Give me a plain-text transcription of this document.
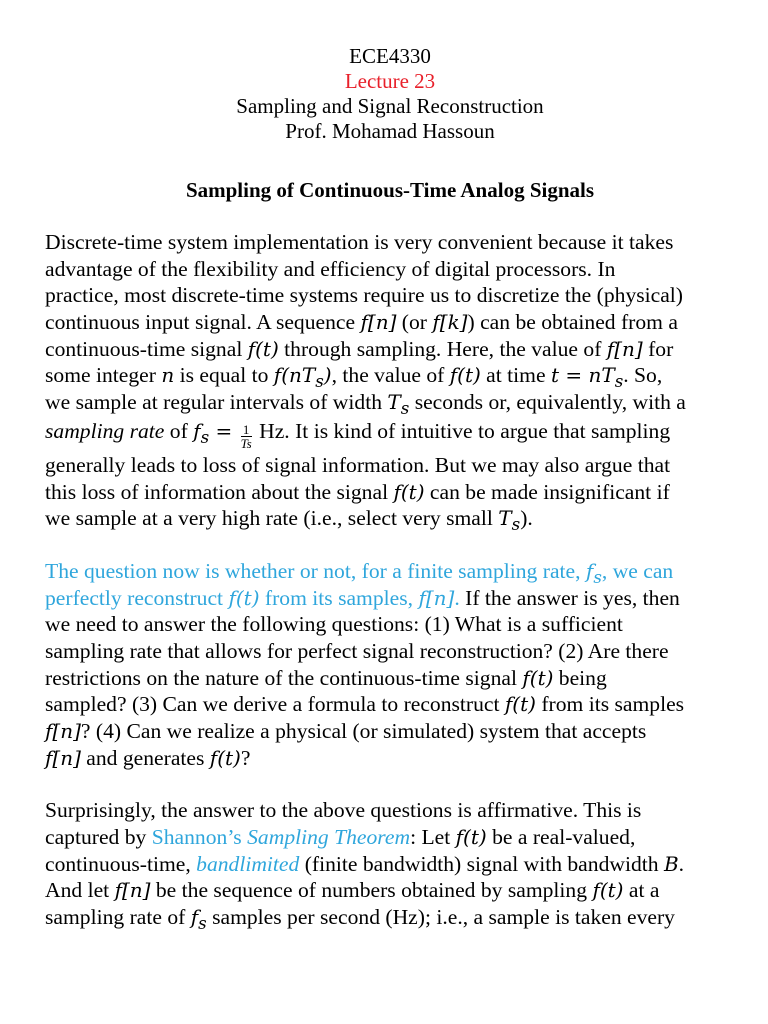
ECE4330
Lecture 23
Sampling and Signal Reconstruction
Prof. Mohamad Hassoun
Sampling of Continuous-Time Analog Signals

Discrete-time system implementation is very convenient because it takes
advantage of the flexibility and efficiency of digital processors. In
practice, most discrete-time systems require us to discretize the (physical)
continuous input signal. A sequence f[n] (or f[k]) can be obtained from a
continuous-time signal f(t) through sampling. Here, the value of f[n] for
some integer n is equal to $f(nT_s)$, the value of f(t) at time $t = nT_s$. So,
we sample at regular intervals of width $T_s$ seconds or, equivalently, with a
sampling rate of $f_s = \frac{1}{Ts} Hz$. It is kind of intuitive to argue that sampling
generally leads to loss of signal information. But we may also argue that
this loss of information about the signal f(t) can be made insignificant if
we sample at a very high rate (i.e., select very small $T_s$).

The question now is whether or not, for a finite sampling rate, $f_s$, we can
perfectly reconstruct f(t) from its samples, f[n]. If the answer is yes, then
we need to answer the following questions: (1) What is a sufficient
sampling rate that allows for perfect signal reconstruction? (2) Are there
restrictions on the nature of the continuous-time signal f(t) being
sampled? (3) Can we derive a formula to reconstruct f(t) from its samples
f[n]? (4) Can we realize a physical (or simulated) system that accepts
f[n] and generates f(t)?

Surprisingly, the answer to the above questions is affirmative. This is
captured by Shannon’s Sampling Theorem: Let f(t) be a real-valued,
continuous-time, bandlimited (finite bandwidth) signal with bandwidth B.
And let f[n] be the sequence of numbers obtained by sampling f(t) at a
sampling rate of $f_s$ samples per second (Hz); i.e., a sample is taken every
